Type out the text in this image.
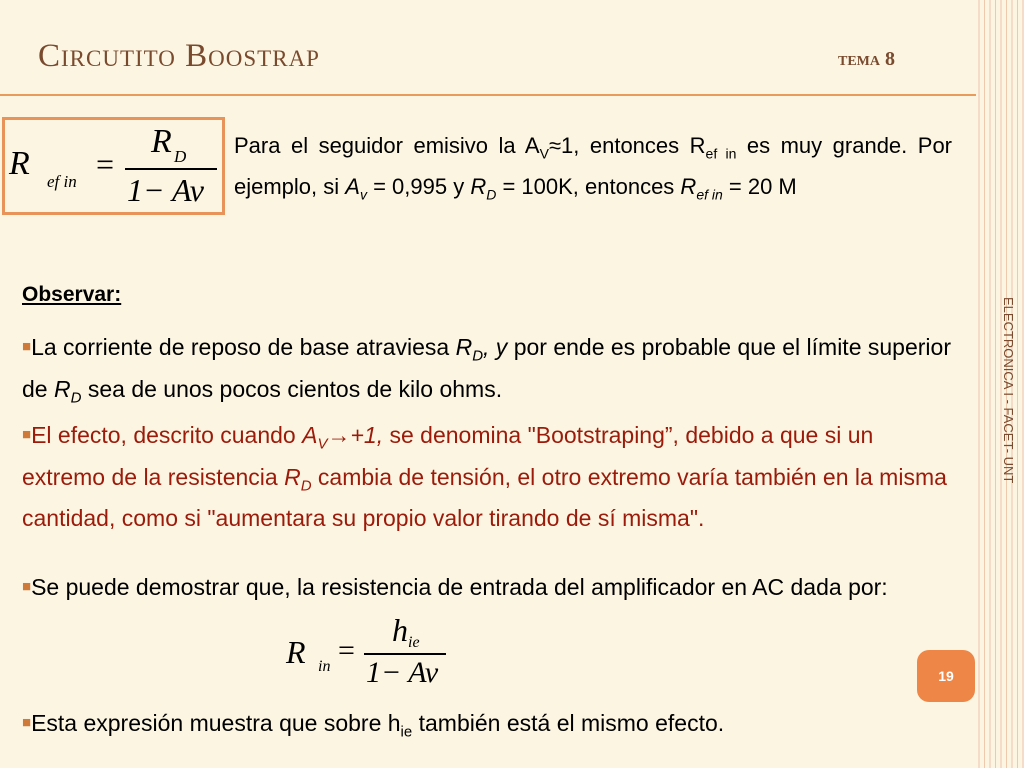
Circutito Boostrap	tema 8
ELECTRONICA I - FACET- UNT
R ef in =
R D
1− Av
Para el seguidor emisivo la $A_V\approx 1$, entonces $R_{ef in}$ es muy grande. Por ejemplo, si $A_v = 0,995$ y $R_D = 100K$, entonces $R_{ef in} = 20$ M
Observar:
■La corriente de reposo de base atraviesa $R_D$, y por ende es probable que el límite superior de $R_D$ sea de unos pocos cientos de kilo ohms.
■El efecto, descrito cuando $A_V\to+1$, se denomina "Bootstraping”, debido a que si un extremo de la resistencia $R_D$ cambia de tensión, el otro extremo varía también en la misma cantidad, como si "aumentara su propio valor tirando de sí misma".
■Se puede demostrar que, la resistencia de entrada del amplificador en AC dada por:
R in =
h ie
1− Av
■Esta expresión muestra que sobre $h_{ie}$ también está el mismo efecto.
19
